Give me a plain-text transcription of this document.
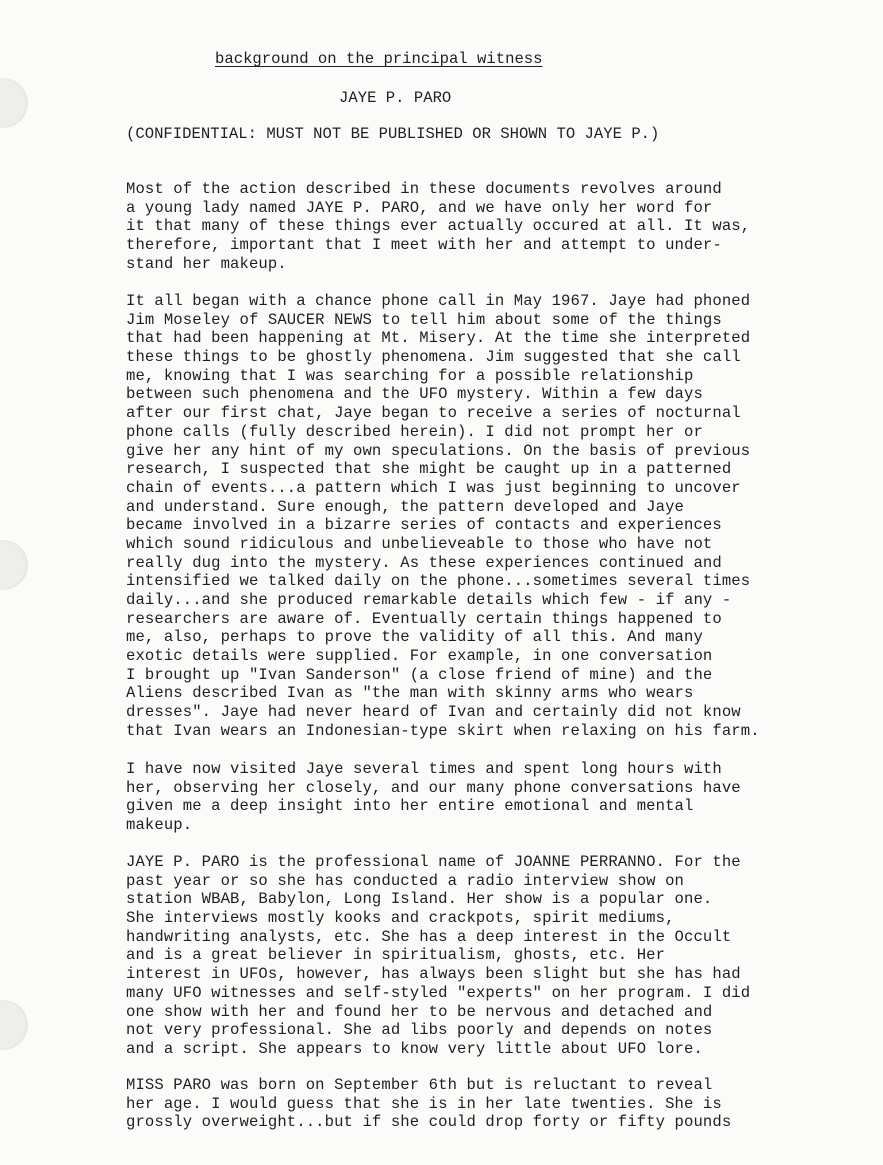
background on the principal witness
JAYE P. PARO
(CONFIDENTIAL: MUST NOT BE PUBLISHED OR SHOWN TO JAYE P.)
Most of the action described in these documents revolves around
a young lady named JAYE P. PARO, and we have only her word for
it that many of these things ever actually occured at all. It was,
therefore, important that I meet with her and attempt to under-
stand her makeup.
It all began with a chance phone call in May 1967. Jaye had phoned
Jim Moseley of SAUCER NEWS to tell him about some of the things
that had been happening at Mt. Misery. At the time she interpreted
these things to be ghostly phenomena. Jim suggested that she call
me, knowing that I was searching for a possible relationship
between such phenomena and the UFO mystery. Within a few days
after our first chat, Jaye began to receive a series of nocturnal
phone calls (fully described herein). I did not prompt her or
give her any hint of my own speculations. On the basis of previous
research, I suspected that she might be caught up in a patterned
chain of events...a pattern which I was just beginning to uncover
and understand. Sure enough, the pattern developed and Jaye
became involved in a bizarre series of contacts and experiences
which sound ridiculous and unbelieveable to those who have not
really dug into the mystery. As these experiences continued and
intensified we talked daily on the phone...sometimes several times
daily...and she produced remarkable details which few - if any -
researchers are aware of. Eventually certain things happened to
me, also, perhaps to prove the validity of all this. And many
exotic details were supplied. For example, in one conversation
I brought up "Ivan Sanderson" (a close friend of mine) and the
Aliens described Ivan as "the man with skinny arms who wears
dresses". Jaye had never heard of Ivan and certainly did not know
that Ivan wears an Indonesian-type skirt when relaxing on his farm.
I have now visited Jaye several times and spent long hours with
her, observing her closely, and our many phone conversations have
given me a deep insight into her entire emotional and mental
makeup.
JAYE P. PARO is the professional name of JOANNE PERRANNO. For the
past year or so she has conducted a radio interview show on
station WBAB, Babylon, Long Island. Her show is a popular one.
She interviews mostly kooks and crackpots, spirit mediums,
handwriting analysts, etc. She has a deep interest in the Occult
and is a great believer in spiritualism, ghosts, etc. Her
interest in UFOs, however, has always been slight but she has had
many UFO witnesses and self-styled "experts" on her program. I did
one show with her and found her to be nervous and detached and
not very professional. She ad libs poorly and depends on notes
and a script. She appears to know very little about UFO lore.
MISS PARO was born on September 6th but is reluctant to reveal
her age. I would guess that she is in her late twenties. She is
grossly overweight...but if she could drop forty or fifty pounds
